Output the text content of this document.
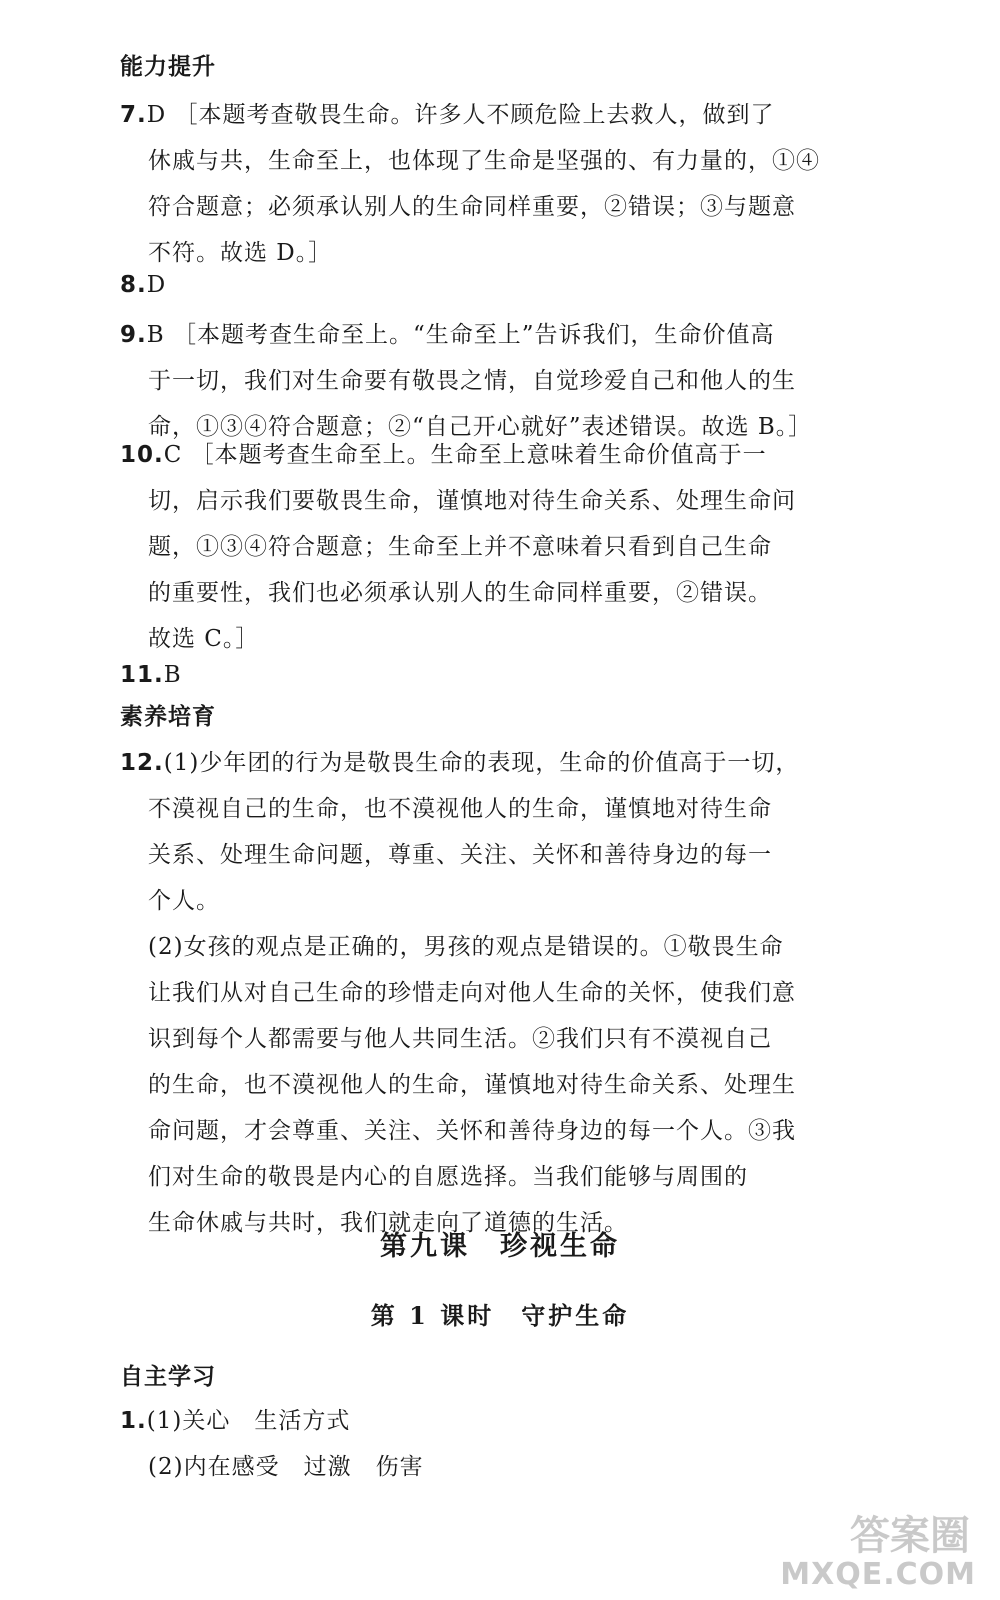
能力提升
7.D ［本题考查敬畏生命。许多人不顾危险上去救人，做到了
休戚与共，生命至上，也体现了生命是坚强的、有力量的，①④
符合题意；必须承认别人的生命同样重要，②错误；③与题意
不符。故选 D。］
8.D
9.B ［本题考查生命至上。“生命至上”告诉我们，生命价值高
于一切，我们对生命要有敬畏之情，自觉珍爱自己和他人的生
命，①③④符合题意；②“自己开心就好”表述错误。故选 B。］
10.C ［本题考查生命至上。生命至上意味着生命价值高于一
切，启示我们要敬畏生命，谨慎地对待生命关系、处理生命问
题，①③④符合题意；生命至上并不意味着只看到自己生命
的重要性，我们也必须承认别人的生命同样重要，②错误。
故选 C。］
11.B
素养培育
12.(1)少年团的行为是敬畏生命的表现，生命的价值高于一切，
不漠视自己的生命，也不漠视他人的生命，谨慎地对待生命
关系、处理生命问题，尊重、关注、关怀和善待身边的每一
个人。
(2)女孩的观点是正确的，男孩的观点是错误的。①敬畏生命
让我们从对自己生命的珍惜走向对他人生命的关怀，使我们意
识到每个人都需要与他人共同生活。②我们只有不漠视自己
的生命，也不漠视他人的生命，谨慎地对待生命关系、处理生
命问题，才会尊重、关注、关怀和善待身边的每一个人。③我
们对生命的敬畏是内心的自愿选择。当我们能够与周围的
生命休戚与共时，我们就走向了道德的生活。
第九课　珍视生命
第 1 课时　守护生命
自主学习
1.(1)关心　生活方式
(2)内在感受　过激　伤害
答案圈
MXQE.COM
